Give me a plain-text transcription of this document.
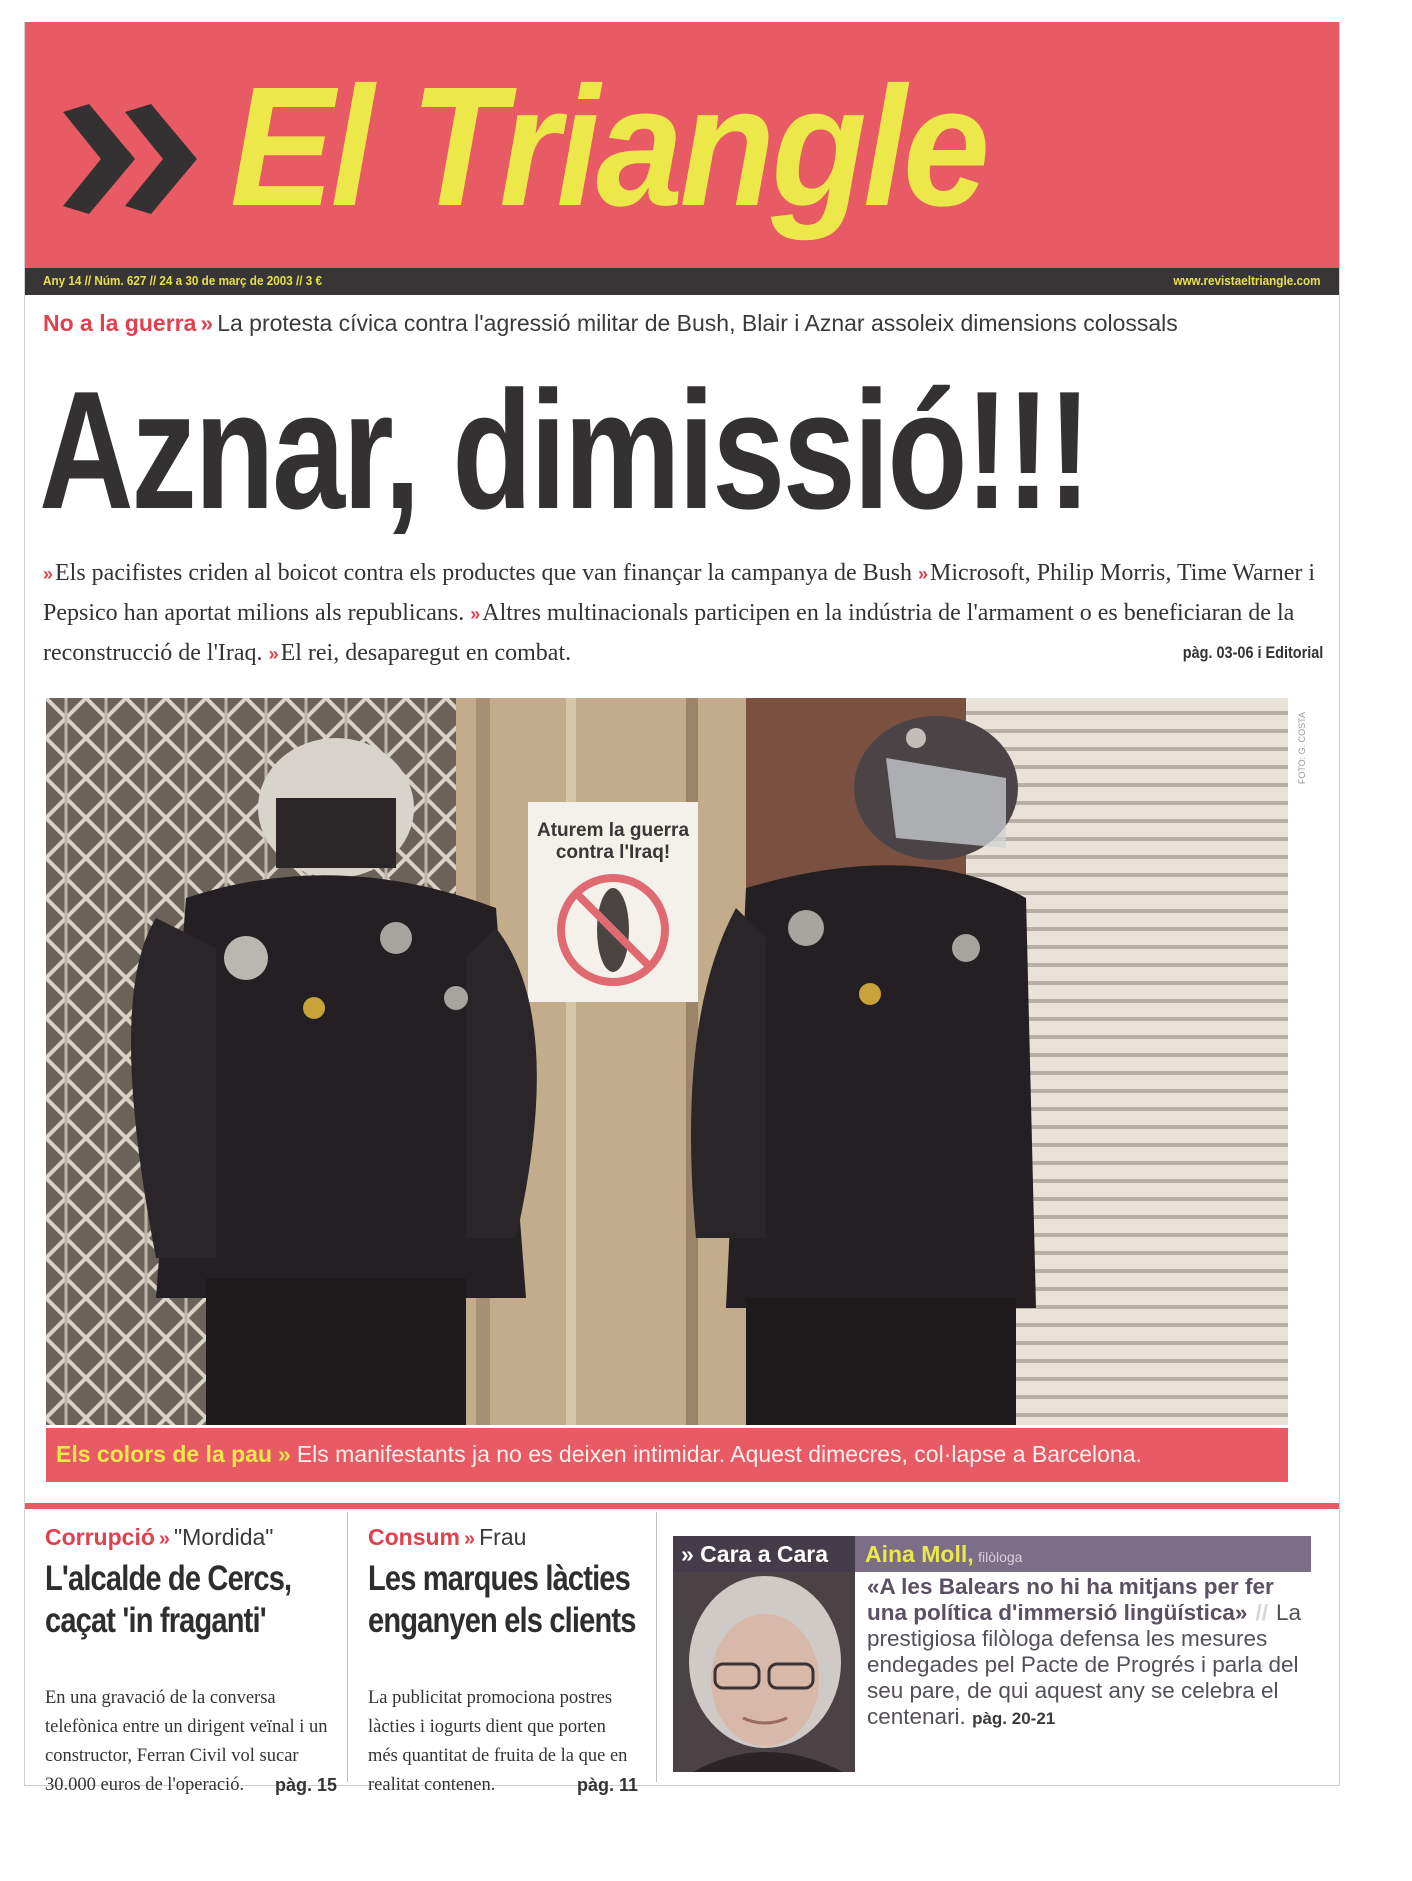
El Triangle
Any 14 // Núm. 627 // 24 a 30 de març de 2003 // 3 €	www.revistaeltriangle.com
No a la guerra » La protesta cívica contra l'agressió militar de Bush, Blair i Aznar assoleix dimensions colossals
Aznar, dimissió!!!
»Els pacifistes criden al boicot contra els productes que van finançar la campanya de Bush »Microsoft, Philip Morris, Time Warner i Pepsico han aportat milions als republicans. »Altres multinacionals participen en la indústria de l'armament o es beneficiaran de la reconstrucció de l'Iraq. »El rei, desaparegut en combat.	pàg. 03-06 i Editorial
Aturem la guerra
contra l'Iraq!
FOTO: G. COSTA
Els colors de la pau » Els manifestants ja no es deixen intimidar. Aquest dimecres, col·lapse a Barcelona.
Corrupció » "Mordida"
L'alcalde de Cercs,
caçat 'in fraganti'
En una gravació de la conversa telefònica entre un dirigent veïnal i un constructor, Ferran Civil vol sucar 30.000 euros de l'operació. pàg. 15
Consum » Frau
Les marques làcties
enganyen els clients
La publicitat promociona postres làcties i iogurts dient que porten més quantitat de fruita de la que en realitat contenen.	pàg. 11
» Cara a Cara	Aina Moll, filòloga
«A les Balears no hi ha mitjans per fer una política d'immersió lingüística» // La prestigiosa filòloga defensa les mesures endegades pel Pacte de Progrés i parla del seu pare, de qui aquest any se celebra el centenari. pàg. 20-21
